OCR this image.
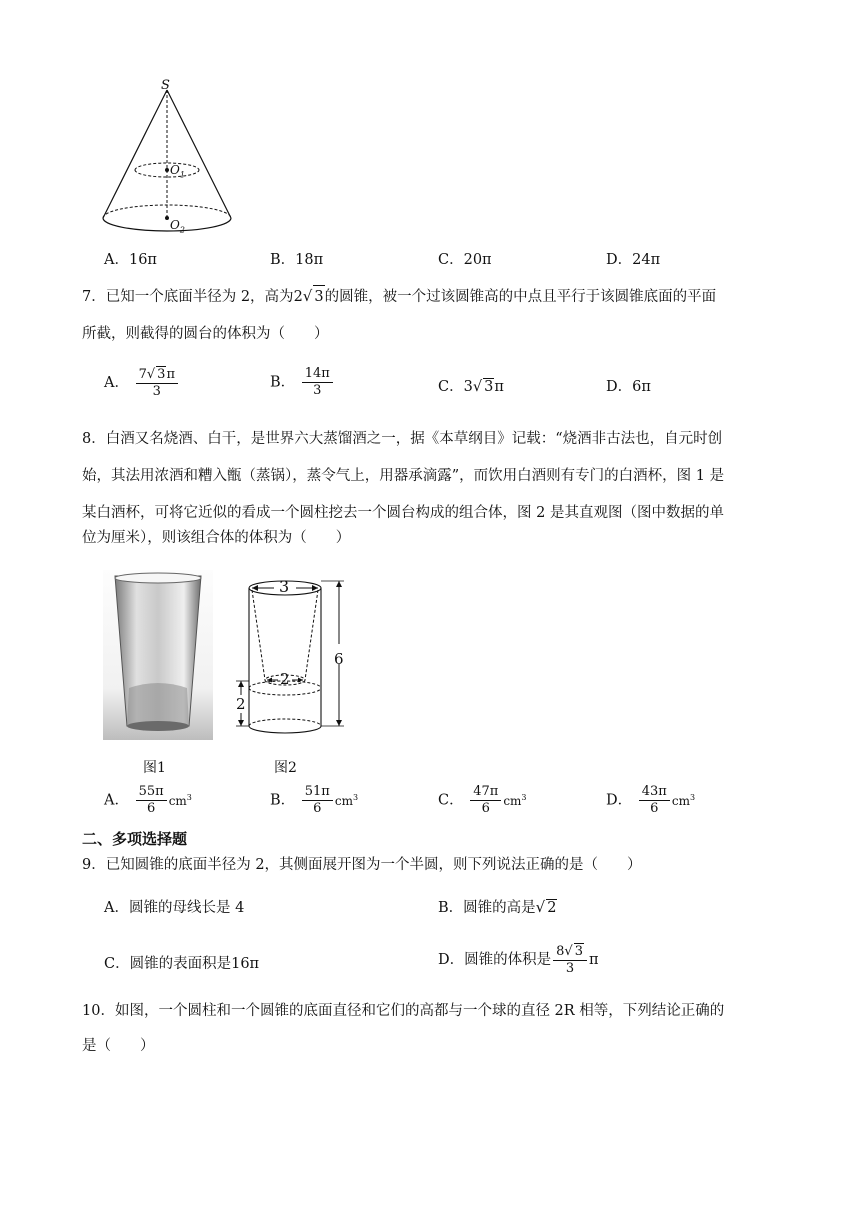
S
$O_1$
$O_2$
A．16π	B．18π	C．20π	D．24π
7．已知一个底面半径为 2，高为2√ 3的圆锥，被一个过该圆锥高的中点且平行于该圆锥底面的平面
所截，则截得的圆台的体积为（　　）
A． $\frac{7√ 3\pi}{3}$	B． $\frac{14\pi}{3}$	C．3√ 3π	D．6π
8．白酒又名烧酒、白干，是世界六大蒸馏酒之一，据《本草纲目》记载：“烧酒非古法也，自元时创
始，其法用浓酒和糟入甑（蒸锅），蒸令气上，用器承滴露”，而饮用白酒则有专门的白酒杯，图 1 是
某白酒杯，可将它近似的看成一个圆柱挖去一个圆台构成的组合体，图 2 是其直观图（图中数据的单
位为厘米），则该组合体的体积为（　　）
图1
3
2
6
2
图2
A． $\frac{55\pi}{6} cm^3$	B． $\frac{51\pi}{6} cm^3$	C． $\frac{47\pi}{6} cm^3$	D． $\frac{43\pi}{6} cm^3$
二、多项选择题
9．已知圆锥的底面半径为 2，其侧面展开图为一个半圆，则下列说法正确的是（　　）
A．圆锥的母线长是 4	B．圆锥的高是√ 2
C．圆锥的表面积是16π	D．圆锥的体积是 $\frac{8√ 3}{3}$ π
10．如图，一个圆柱和一个圆锥的底面直径和它们的高都与一个球的直径 2R 相等，下列结论正确的
是（　　）
